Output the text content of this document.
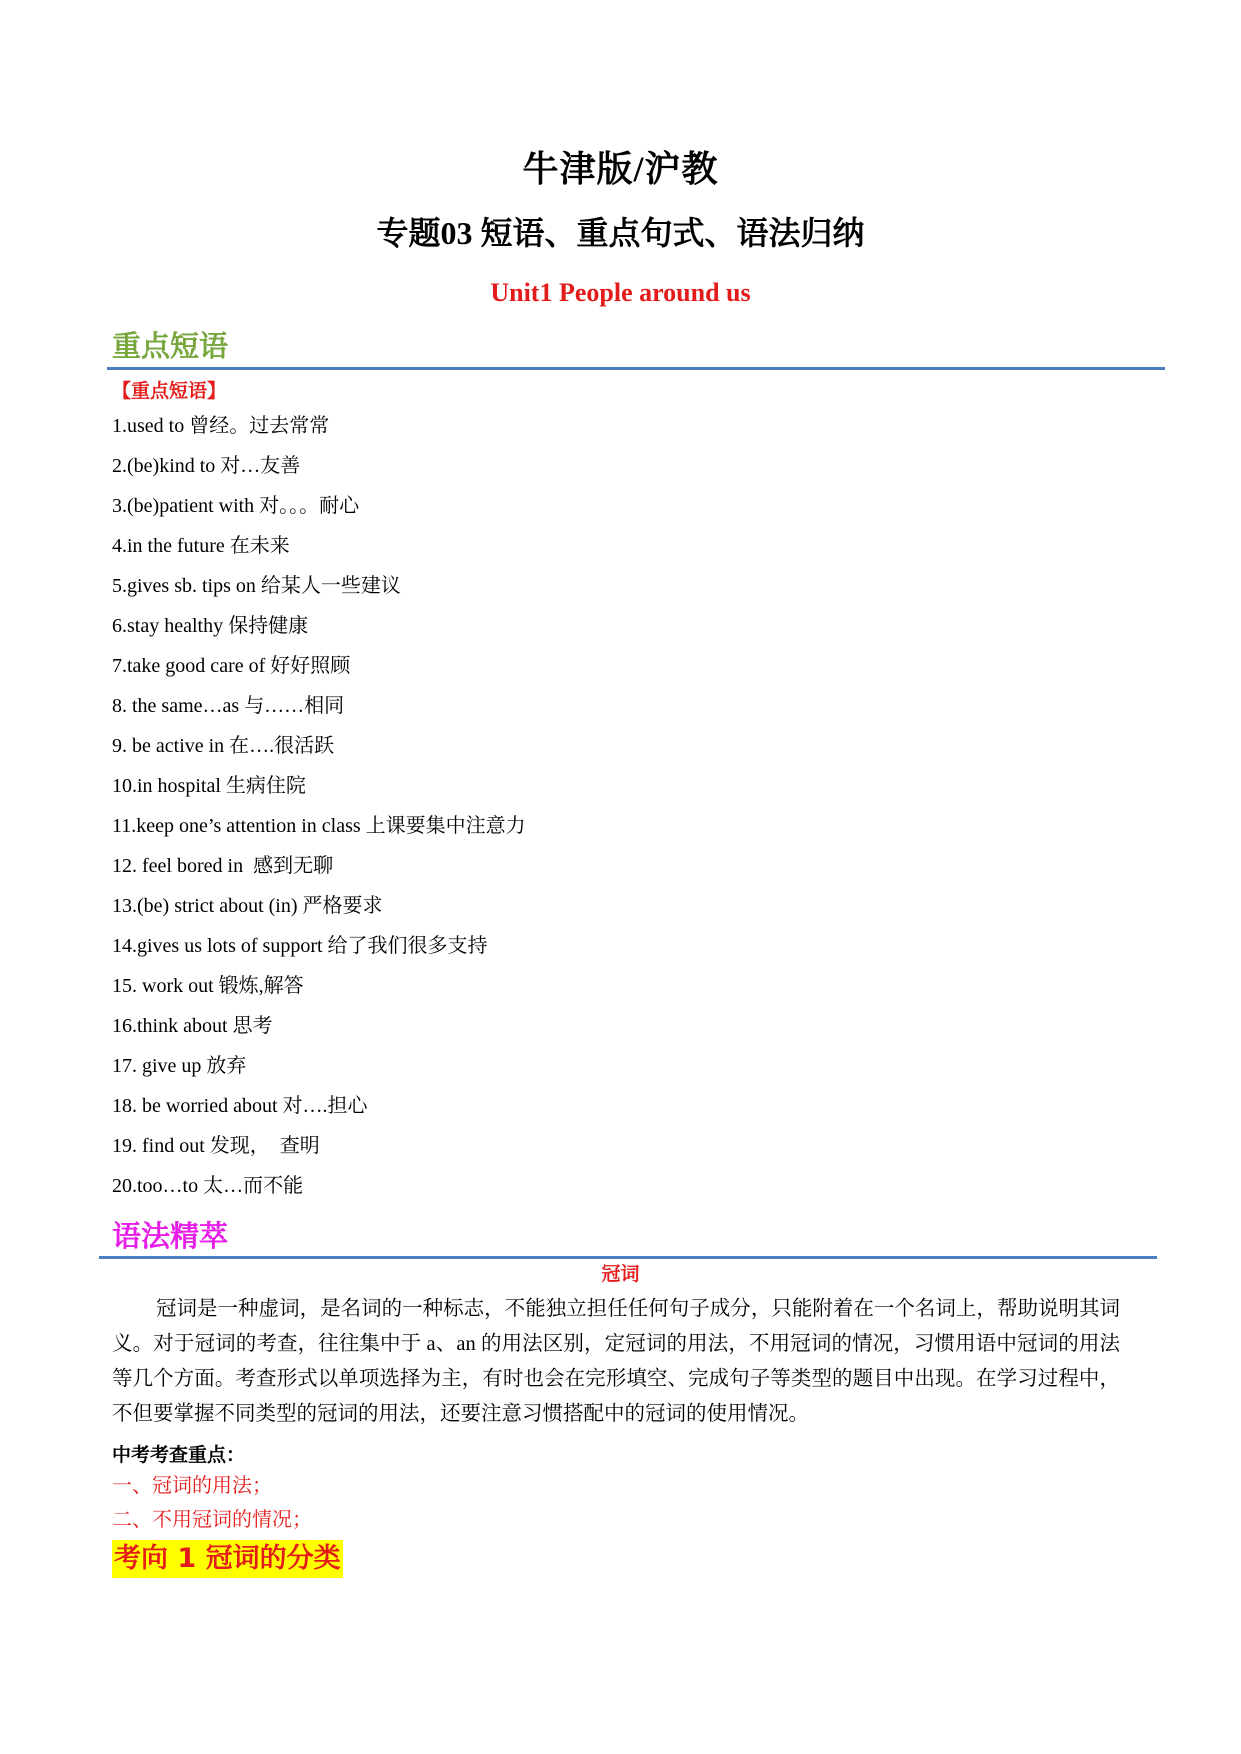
牛津版/沪教
专题03 短语、重点句式、语法归纳
Unit1 People around us
重点短语
【重点短语】
1.used to 曾经。过去常常
2.(be)kind to 对…友善
3.(be)patient with 对。。。耐心
4.in the future 在未来
5.gives sb. tips on 给某人一些建议
6.stay healthy 保持健康
7.take good care of 好好照顾
8. the same…as 与……相同
9. be active in 在….很活跃
10.in hospital 生病住院
11.keep one’s attention in class 上课要集中注意力
12. feel bored in  感到无聊
13.(be) strict about (in) 严格要求
14.gives us lots of support 给了我们很多支持
15. work out 锻炼,解答
16.think about 思考
17. give up 放弃
18. be worried about 对….担心
19. find out 发现，  查明
20.too…to 太…而不能
语法精萃
冠词

冠词是一种虚词，是名词的一种标志，不能独立担任任何句子成分，只能附着在一个名词上，帮助说明其词义。对于冠词的考查，往往集中于 a、an 的用法区别，定冠词的用法，不用冠词的情况，习惯用语中冠词的用法等几个方面。考查形式以单项选择为主，有时也会在完形填空、完成句子等类型的题目中出现。在学习过程中，不但要掌握不同类型的冠词的用法，还要注意习惯搭配中的冠词的使用情况。

中考考查重点：
一、冠词的用法；
二、不用冠词的情况；
考向 1 冠词的分类
